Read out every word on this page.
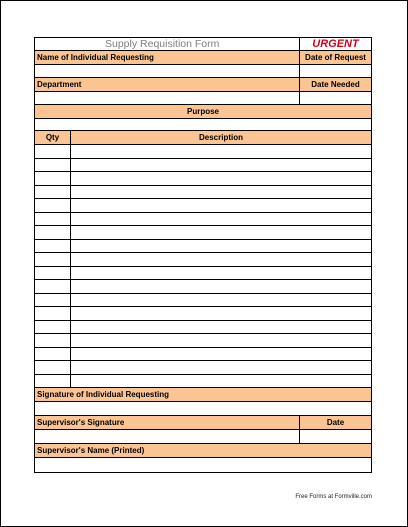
Supply Requisition Form	URGENT
Name of Individual Requesting	Date of Request
Department	Date Needed
Purpose
Qty	Description
Signature of Individual Requesting
Supervisor's Signature	Date
Supervisor's Name (Printed)
Free Forms at Formville.com
